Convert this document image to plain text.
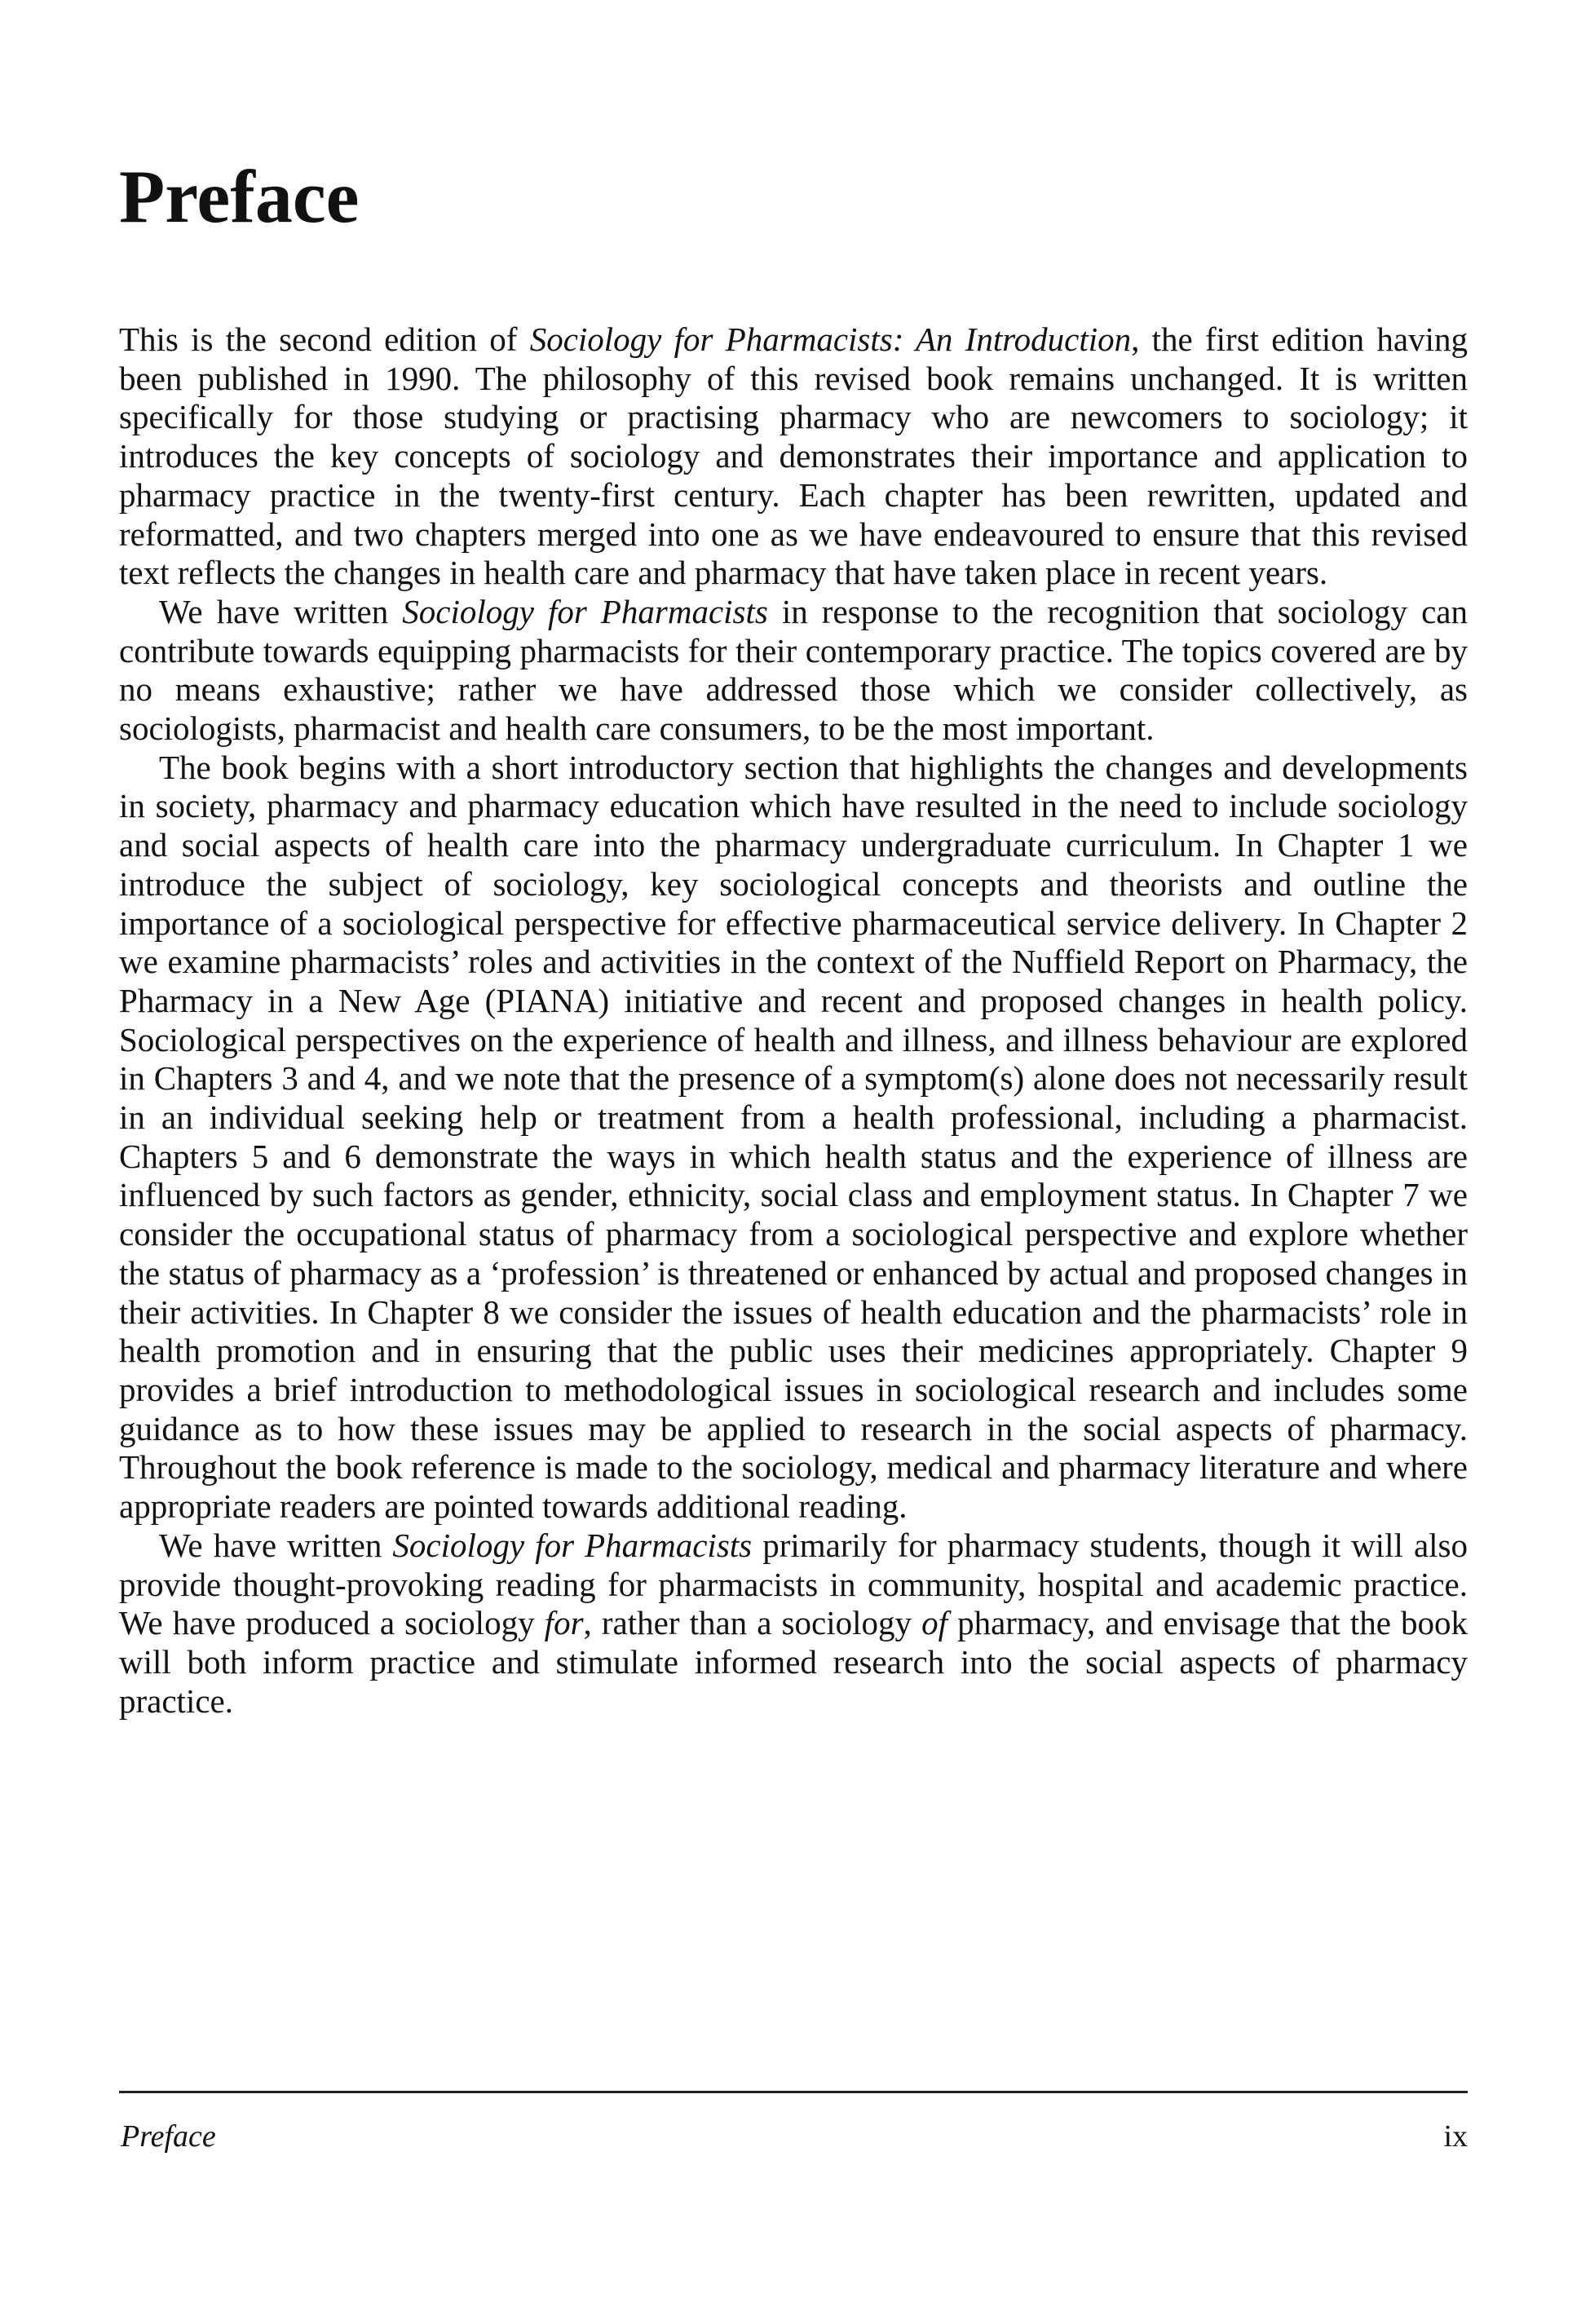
Preface

This is the second edition of Sociology for Pharmacists: An Introduction, the first edition having been published in 1990. The philosophy of this revised book remains unchanged. It is written specifically for those studying or practising pharmacy who are newcomers to sociology; it introduces the key concepts of sociology and demonstrates their importance and application to pharmacy practice in the twenty-first century. Each chapter has been rewritten, updated and reformatted, and two chapters merged into one as we have endeavoured to ensure that this revised text reflects the changes in health care and pharmacy that have taken place in recent years.

We have written Sociology for Pharmacists in response to the recognition that sociology can contribute towards equipping pharmacists for their contemporary practice. The topics covered are by no means exhaustive; rather we have addressed those which we consider collectively, as sociologists, pharmacist and health care consumers, to be the most important.

The book begins with a short introductory section that highlights the changes and developments in society, pharmacy and pharmacy education which have resulted in the need to include sociology and social aspects of health care into the pharmacy undergraduate curriculum. In Chapter 1 we introduce the subject of sociology, key sociological concepts and theorists and outline the importance of a sociological perspective for effective pharmaceutical service delivery. In Chapter 2 we examine pharmacists’ roles and activities in the context of the Nuffield Report on Pharmacy, the Pharmacy in a New Age (PIANA) initiative and recent and proposed changes in health policy. Sociological perspectives on the experience of health and illness, and illness behaviour are explored in Chapters 3 and 4, and we note that the presence of a symptom(s) alone does not necessarily result in an individual seeking help or treatment from a health professional, including a pharmacist. Chapters 5 and 6 demonstrate the ways in which health status and the experience of illness are influenced by such factors as gender, ethnicity, social class and employment status. In Chapter 7 we consider the occupational status of pharmacy from a sociological perspective and explore whether the status of pharmacy as a ‘profession’ is threatened or enhanced by actual and proposed changes in their activities. In Chapter 8 we consider the issues of health education and the pharmacists’ role in health promotion and in ensuring that the public uses their medicines appropriately. Chapter 9 provides a brief introduction to methodological issues in sociological research and includes some guidance as to how these issues may be applied to research in the social aspects of pharmacy. Throughout the book reference is made to the sociology, medical and pharmacy literature and where appropriate readers are pointed towards additional reading.

We have written Sociology for Pharmacists primarily for pharmacy students, though it will also provide thought-provoking reading for pharmacists in community, hospital and academic practice. We have produced a sociology for, rather than a sociology of pharmacy, and envisage that the book will both inform practice and stimulate informed research into the social aspects of pharmacy practice.

Preface	ix
